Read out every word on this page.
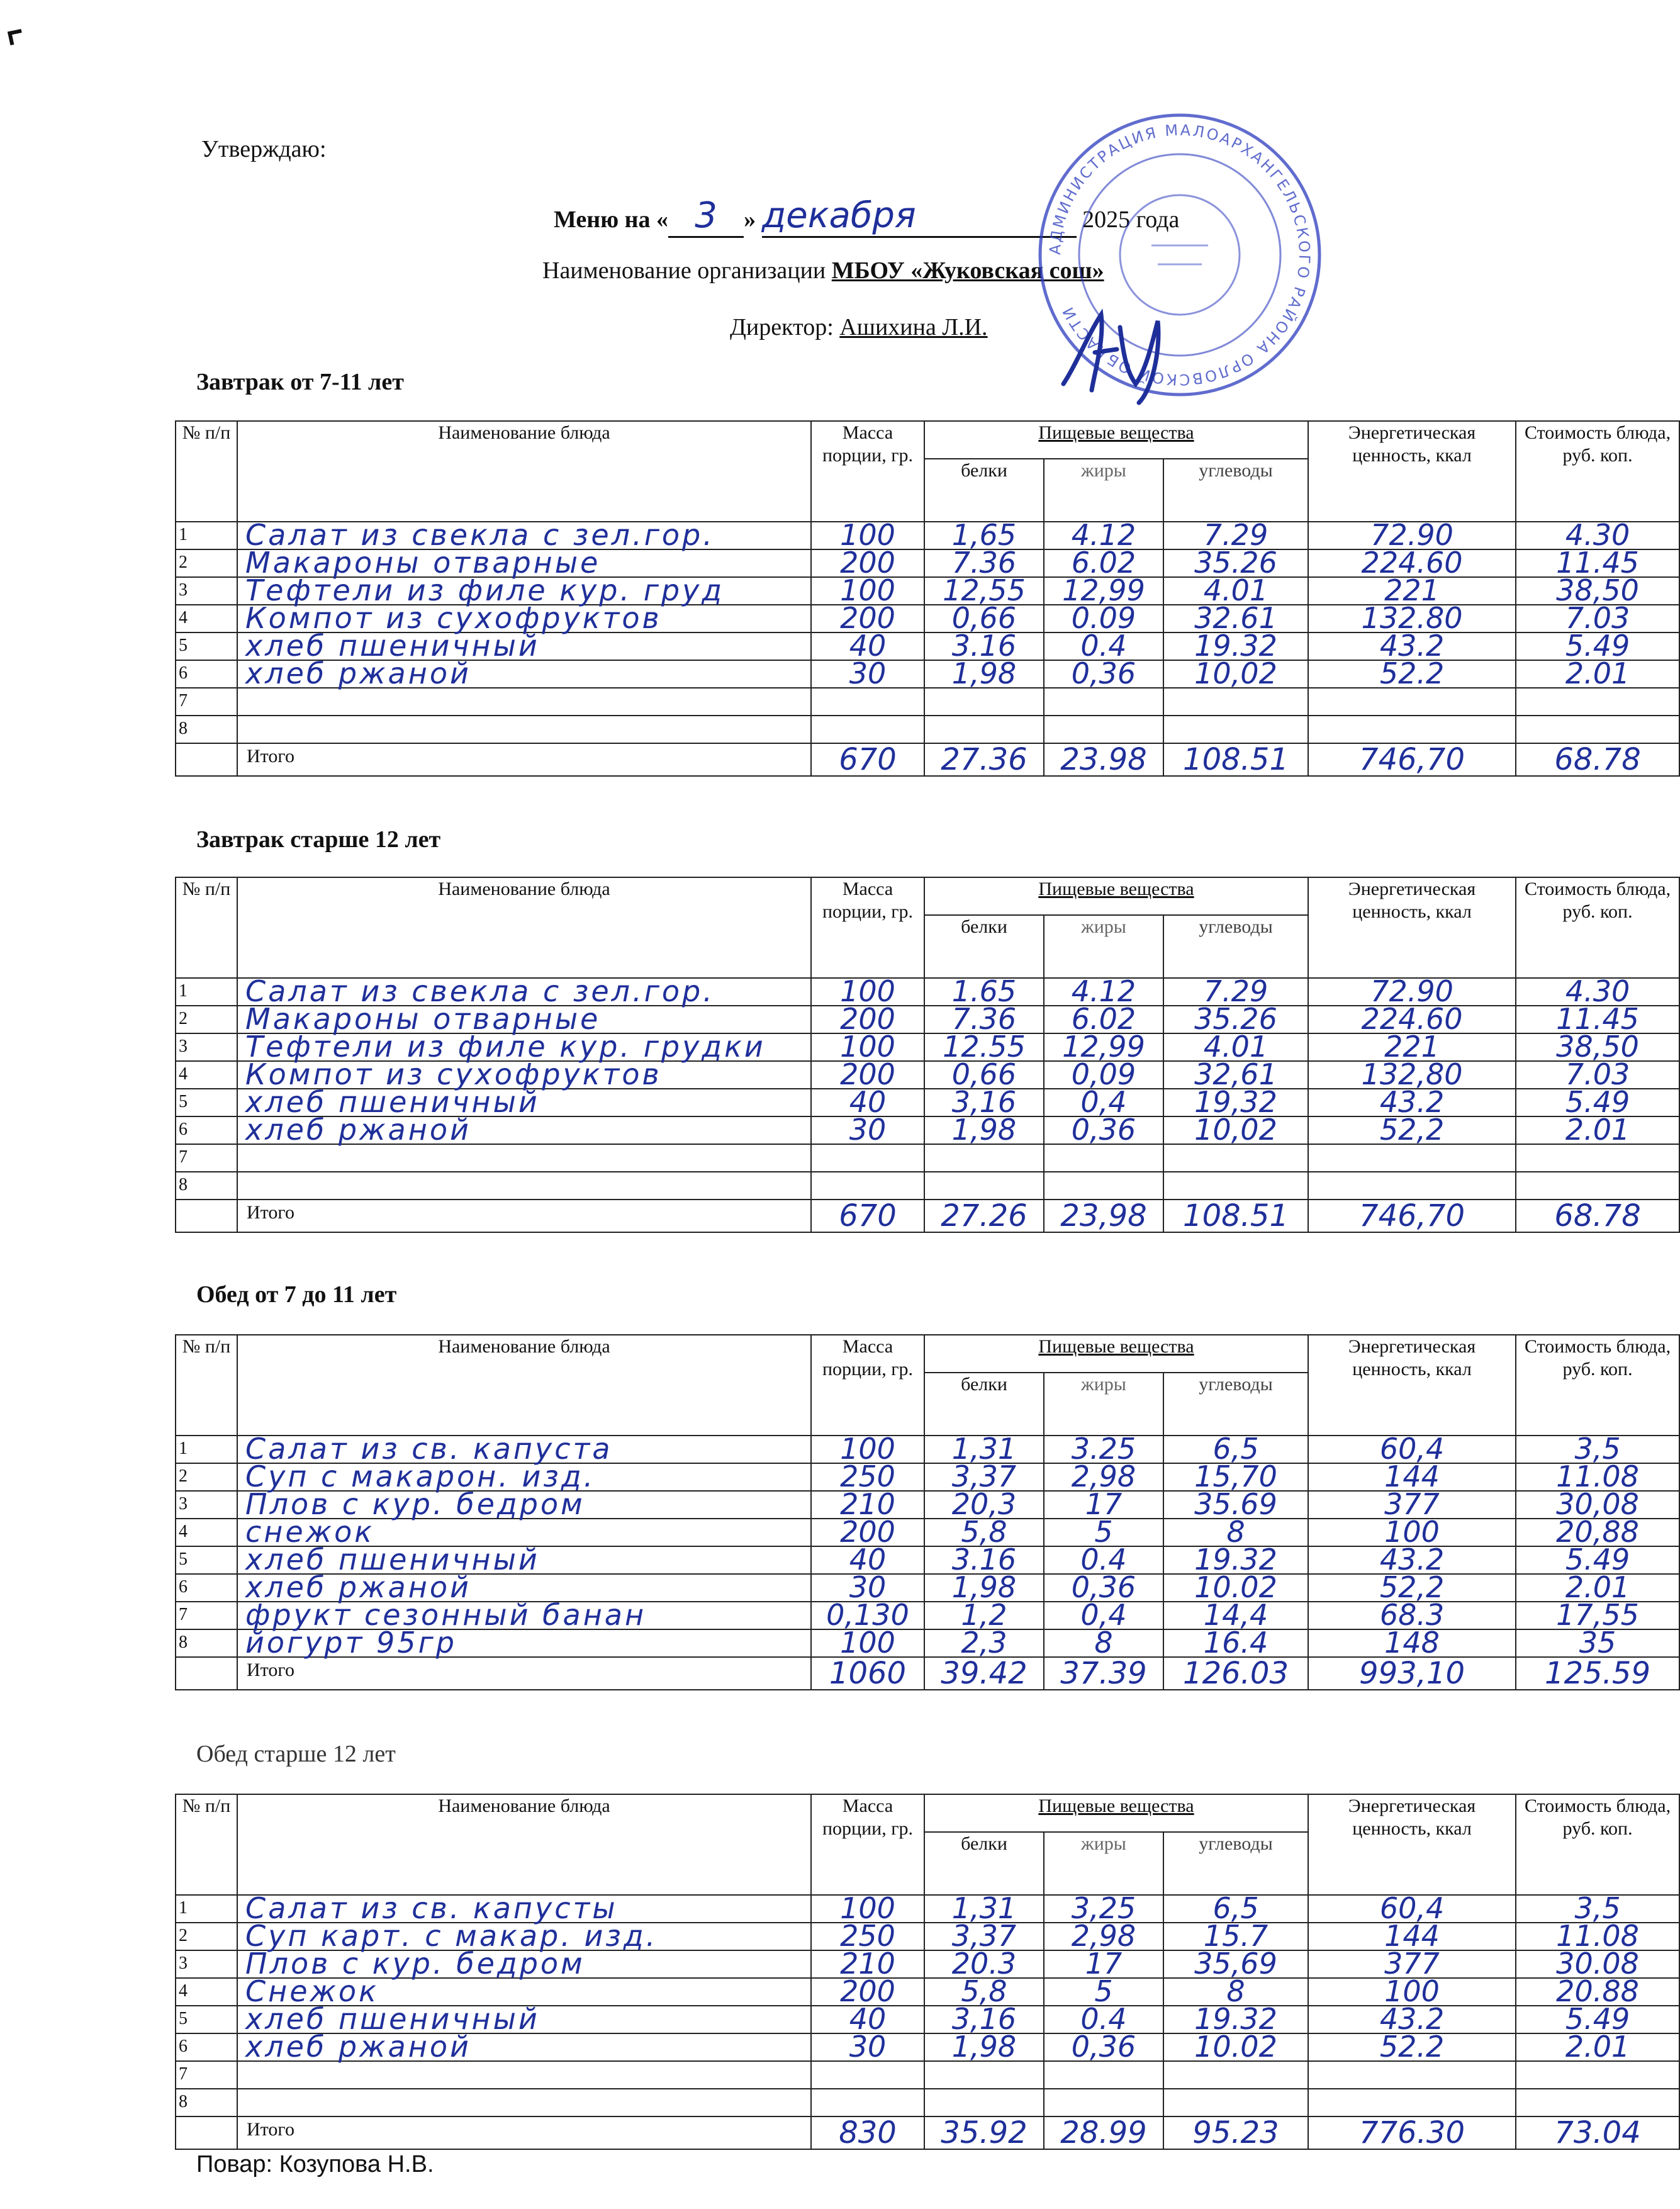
Утверждаю:
Меню на « 3 » декабря	2025 года
Наименование организации МБОУ «Жуковская сош»
Директор: Ашихина Л.И.
АДМИНИСТРАЦИЯ МАЛОАРХАНГЕЛЬСКОГО РАЙОНА ОРЛОВСКОЙ ОБЛАСТИ
Завтрак от 7-11 лет
№ п/п	Наименование блюда	Масса порции, гр.	Пищевые вещества			Энергетическая ценность, ккал	Стоимость блюда, руб. коп.
			белки	жиры	углеводы		
1	Салат из свекла с зел.гор.	100	1,65	4.12	7.29	72.90	4.30
2	Макароны отварные	200	7.36	6.02	35.26	224.60	11.45
3	Тефтели из филе кур. груд	100	12,55	12,99	4.01	221	38,50
4	Компот из сухофруктов	200	0,66	0.09	32.61	132.80	7.03
5	хлеб пшеничный	40	3.16	0.4	19.32	43.2	5.49
6	хлеб ржаной	30	1,98	0,36	10,02	52.2	2.01
7							
8							
	Итого	670	27.36	23.98	108.51	746,70	68.78
Завтрак старше 12 лет
№ п/п	Наименование блюда	Масса порции, гр.	Пищевые вещества			Энергетическая ценность, ккал	Стоимость блюда, руб. коп.
			белки	жиры	углеводы		
1	Салат из свекла с зел.гор.	100	1.65	4.12	7.29	72.90	4.30
2	Макароны отварные	200	7.36	6.02	35.26	224.60	11.45
3	Тефтели из филе кур. грудки	100	12.55	12,99	4.01	221	38,50
4	Компот из сухофруктов	200	0,66	0,09	32,61	132,80	7.03
5	хлеб пшеничный	40	3,16	0,4	19,32	43.2	5.49
6	хлеб ржаной	30	1,98	0,36	10,02	52,2	2.01
7							
8							
	Итого	670	27.26	23,98	108.51	746,70	68.78
Обед от 7 до 11 лет
№ п/п	Наименование блюда	Масса порции, гр.	Пищевые вещества			Энергетическая ценность, ккал	Стоимость блюда, руб. коп.
			белки	жиры	углеводы		
1	Салат из св. капуста	100	1,31	3.25	6,5	60,4	3,5
2	Суп с макарон. изд.	250	3,37	2,98	15,70	144	11.08
3	Плов с кур. бедром	210	20,3	17	35.69	377	30,08
4	снежок	200	5,8	5	8	100	20,88
5	хлеб пшеничный	40	3.16	0.4	19.32	43.2	5.49
6	хлеб ржаной	30	1,98	0,36	10.02	52,2	2.01
7	фрукт сезонный банан	0,130	1,2	0,4	14,4	68.3	17,55
8	йогурт 95гр	100	2,3	8	16.4	148	35
	Итого	1060	39.42	37.39	126.03	993,10	125.59
Обед старше 12 лет
№ п/п	Наименование блюда	Масса порции, гр.	Пищевые вещества			Энергетическая ценность, ккал	Стоимость блюда, руб. коп.
			белки	жиры	углеводы		
1	Салат из св. капусты	100	1,31	3,25	6,5	60,4	3,5
2	Суп карт. с макар. изд.	250	3,37	2,98	15.7	144	11.08
3	Плов с кур. бедром	210	20.3	17	35,69	377	30.08
4	Снежок	200	5,8	5	8	100	20.88
5	хлеб пшеничный	40	3,16	0.4	19.32	43.2	5.49
6	хлеб ржаной	30	1,98	0,36	10.02	52.2	2.01
7							
8							
	Итого	830	35.92	28.99	95.23	776.30	73.04
Повар: Козупова Н.В.
